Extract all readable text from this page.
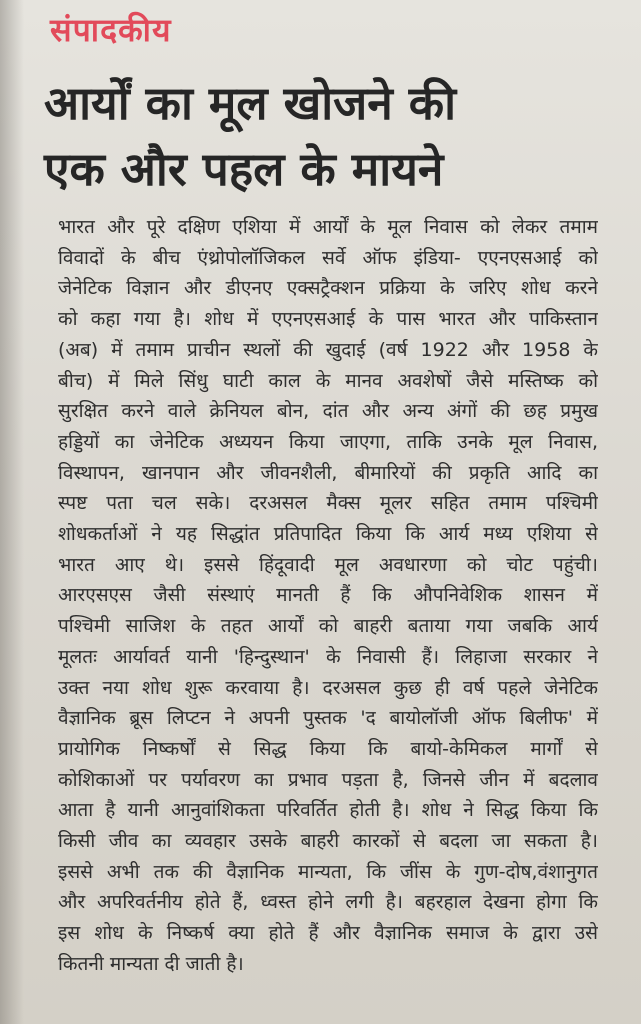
संपादकीय
आर्यों का मूल खोजने की
एक और पहल के मायने
भारत और पूरे दक्षिण एशिया में आर्यों के मूल निवास को लेकर तमाम
विवादों के बीच एंथ्रोपोलॉजिकल सर्वे ऑफ इंडिया- एएनएसआई को
जेनेटिक विज्ञान और डीएनए एक्सट्रैक्शन प्रक्रिया के जरिए शोध करने
को कहा गया है। शोध में एएनएसआई के पास भारत और पाकिस्तान
(अब) में तमाम प्राचीन स्थलों की खुदाई (वर्ष 1922 और 1958 के
बीच) में मिले सिंधु घाटी काल के मानव अवशेषों जैसे मस्तिष्क को
सुरक्षित करने वाले क्रेनियल बोन, दांत और अन्य अंगों की छह प्रमुख
हड्डियों का जेनेटिक अध्ययन किया जाएगा, ताकि उनके मूल निवास,
विस्थापन, खानपान और जीवनशैली, बीमारियों की प्रकृति आदि का
स्पष्ट पता चल सके। दरअसल मैक्स मूलर सहित तमाम पश्चिमी
शोधकर्ताओं ने यह सिद्धांत प्रतिपादित किया कि आर्य मध्य एशिया से
भारत आए थे। इससे हिंदूवादी मूल अवधारणा को चोट पहुंची।
आरएसएस जैसी संस्थाएं मानती हैं कि औपनिवेशिक शासन में
पश्चिमी साजिश के तहत आर्यों को बाहरी बताया गया जबकि आर्य
मूलतः आर्यावर्त यानी 'हिन्दुस्थान' के निवासी हैं। लिहाजा सरकार ने
उक्त नया शोध शुरू करवाया है। दरअसल कुछ ही वर्ष पहले जेनेटिक
वैज्ञानिक ब्रूस लिप्टन ने अपनी पुस्तक 'द बायोलॉजी ऑफ बिलीफ' में
प्रायोगिक निष्कर्षों से सिद्ध किया कि बायो-केमिकल मार्गों से
कोशिकाओं पर पर्यावरण का प्रभाव पड़ता है, जिनसे जीन में बदलाव
आता है यानी आनुवांशिकता परिवर्तित होती है। शोध ने सिद्ध किया कि
किसी जीव का व्यवहार उसके बाहरी कारकों से बदला जा सकता है।
इससे अभी तक की वैज्ञानिक मान्यता, कि जींस के गुण-दोष,वंशानुगत
और अपरिवर्तनीय होते हैं, ध्वस्त होने लगी है। बहरहाल देखना होगा कि
इस शोध के निष्कर्ष क्या होते हैं और वैज्ञानिक समाज के द्वारा उसे
कितनी मान्यता दी जाती है।
